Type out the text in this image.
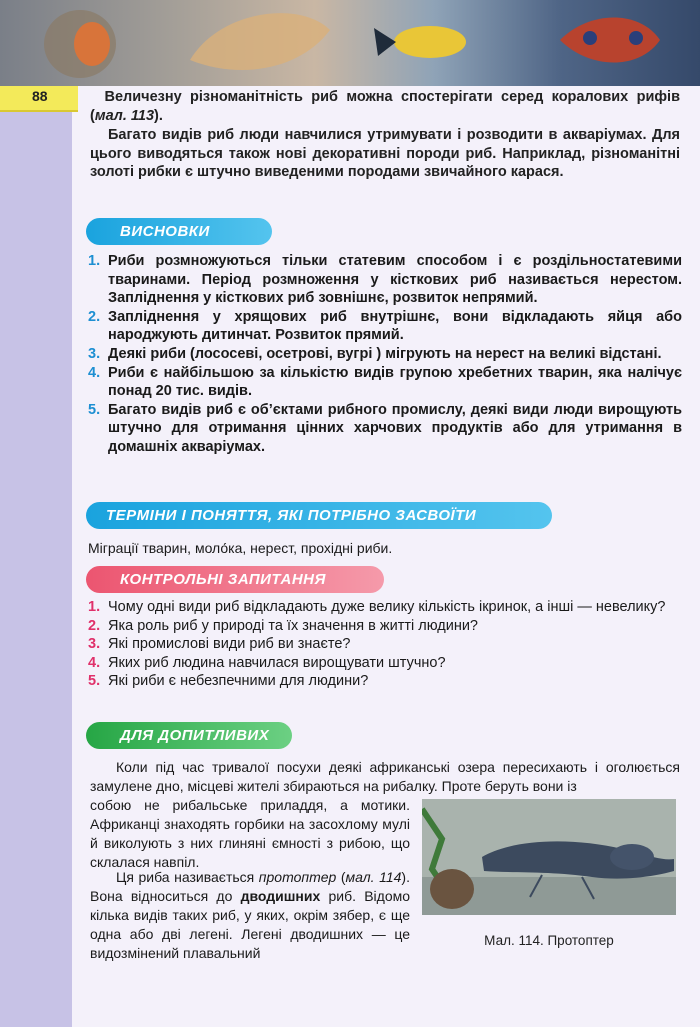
88

 	Величезну різноманітність риб можна спостерігати серед коралових рифів (мал. 113).

Багато видів риб люди навчилися утримувати і розводити в акваріумах. Для цього виводяться також нові декоративні породи риб. Наприклад, різноманітні золоті рибки є штучно виведеними породами звичайного карася.

ВИСНОВКИ
1. Риби розмножуються тільки статевим способом і є роздільностатевими тваринами. Період розмноження у кісткових риб називається нерестом. Запліднення у кісткових риб зовнішнє, розвиток непрямий.
2. Запліднення у хрящових риб внутрішнє, вони відкладають яйця або народжують дитинчат. Розвиток прямий.
3. Деякі риби (лососеві, осетрові, вугрі ) мігрують на нерест на великі відстані.
4. Риби є найбільшою за кількістю видів групою хребетних тварин, яка налічує понад 20 тис. видів.
5. Багато видів риб є об’єктами рибного промислу, деякі види люди вирощують штучно для отримання цінних харчових продуктів або для утримання в домашніх акваріумах.
ТЕРМІНИ І ПОНЯТТЯ, ЯКІ ПОТРІБНО ЗАСВОЇТИ
Міграції тварин, моло́ка, нерест, прохідні риби.
КОНТРОЛЬНІ ЗАПИТАННЯ
1. Чому одні види риб відкладають дуже велику кількість ікринок, а інші — невелику?
2. Яка роль риб у природі та їх значення в житті людини?
3. Які промислові види риб ви знаєте?
4. Яких риб людина навчилася вирощувати штучно?
5. Які риби є небезпечними для людини?
ДЛЯ ДОПИТЛИВИХ

Коли під час тривалої посухи деякі африканські озера пересихають і оголюється замулене дно, місцеві жителі збираються на рибалку. Проте беруть вони із

собою не рибальське приладдя, а мотики. Африканці знаходять горбики на засохлому мулі й виколують з них глиняні ємності з рибою, що склалася навпіл.

Ця риба називається протоптер (мал. 114). Вона відноситься до дводишних риб. Відомо кілька видів таких риб, у яких, окрім зябер, є ще одна або дві легені. Легені дводишних — це видозмінений плавальний

Мал. 114. Протоптер
